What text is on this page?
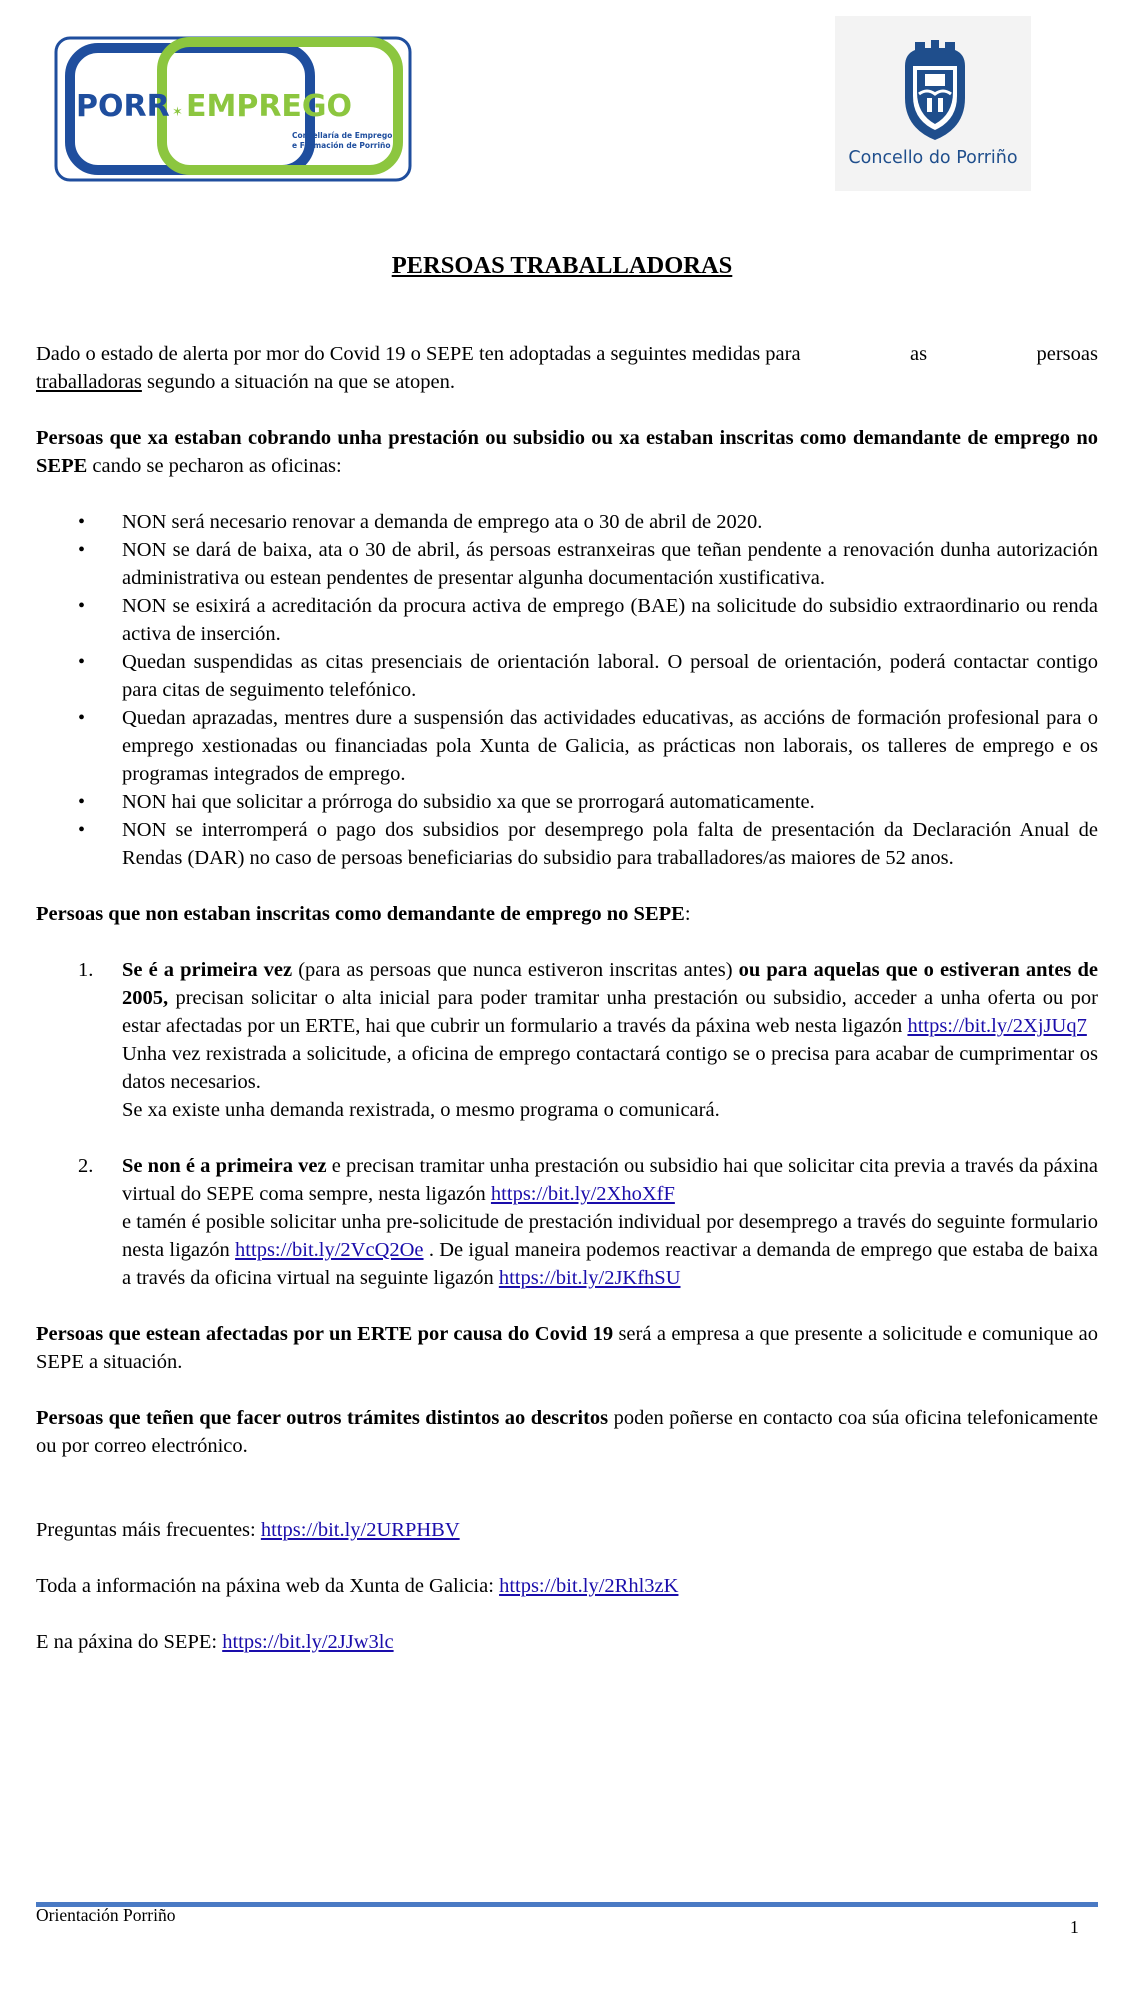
PORR ✶ EMPREGO
Concellaría de Emprego
e Formación de Porriño
Concello do Porriño
PERSOAS TRABALLADORAS
Dado o estado de alerta por mor do Covid 19 o SEPE ten adoptadas a seguintes medidas para	as	persoas

traballadoras segundo a situación na que se atopen.

Persoas que xa estaban cobrando unha prestación ou subsidio ou xa estaban inscritas como demandante de emprego no SEPE cando se pecharon as oficinas:

• NON será necesario renovar a demanda de emprego ata o 30 de abril de 2020.
• NON se dará de baixa, ata o 30 de abril, ás persoas estranxeiras que teñan pendente a renovación dunha autorización administrativa ou estean pendentes de presentar algunha documentación xustificativa.
• NON se esixirá a acreditación da procura activa de emprego (BAE) na solicitude do subsidio extraordinario ou renda activa de inserción.
• Quedan suspendidas as citas presenciais de orientación laboral. O persoal de orientación, poderá contactar contigo para citas de seguimento telefónico.
• Quedan aprazadas, mentres dure a suspensión das actividades educativas, as accións de formación profesional para o emprego xestionadas ou financiadas pola Xunta de Galicia, as prácticas non laborais, os talleres de emprego e os programas integrados de emprego.
• NON hai que solicitar a prórroga do subsidio xa que se prorrogará automaticamente.
• NON se interromperá o pago dos subsidios por desemprego pola falta de presentación da Declaración Anual de Rendas (DAR) no caso de persoas beneficiarias do subsidio para traballadores/as maiores de 52 anos.

Persoas que non estaban inscritas como demandante de emprego no SEPE:

1. Se é a primeira vez (para as persoas que nunca estiveron inscritas antes) ou para aquelas que o estiveran antes de 2005, precisan solicitar o alta inicial para poder tramitar unha prestación ou subsidio, acceder a unha oferta ou por estar afectadas por un ERTE, hai que cubrir un formulario a través da páxina web nesta ligazón https://bit.ly/2XjJUq7
Unha vez rexistrada a solicitude, a oficina de emprego contactará contigo se o precisa para acabar de cumprimentar os datos necesarios.
Se xa existe unha demanda rexistrada, o mesmo programa o comunicará.
2. Se non é a primeira vez e precisan tramitar unha prestación ou subsidio hai que solicitar cita previa a través da páxina virtual do SEPE coma sempre, nesta ligazón https://bit.ly/2XhoXfF
e tamén é posible solicitar unha pre-solicitude de prestación individual por desemprego a través do seguinte formulario nesta ligazón https://bit.ly/2VcQ2Oe . De igual maneira podemos reactivar a demanda de emprego que estaba de baixa a través da oficina virtual na seguinte ligazón https://bit.ly/2JKfhSU

Persoas que estean afectadas por un ERTE por causa do Covid 19 será a empresa a que presente a solicitude e comunique ao SEPE a situación.

Persoas que teñen que facer outros trámites distintos ao descritos poden poñerse en contacto coa súa oficina telefonicamente ou por correo electrónico.

Preguntas máis frecuentes: https://bit.ly/2URPHBV

Toda a información na páxina web da Xunta de Galicia: https://bit.ly/2Rhl3zK

E na páxina do SEPE: https://bit.ly/2JJw3lc

Orientación Porriño
1
